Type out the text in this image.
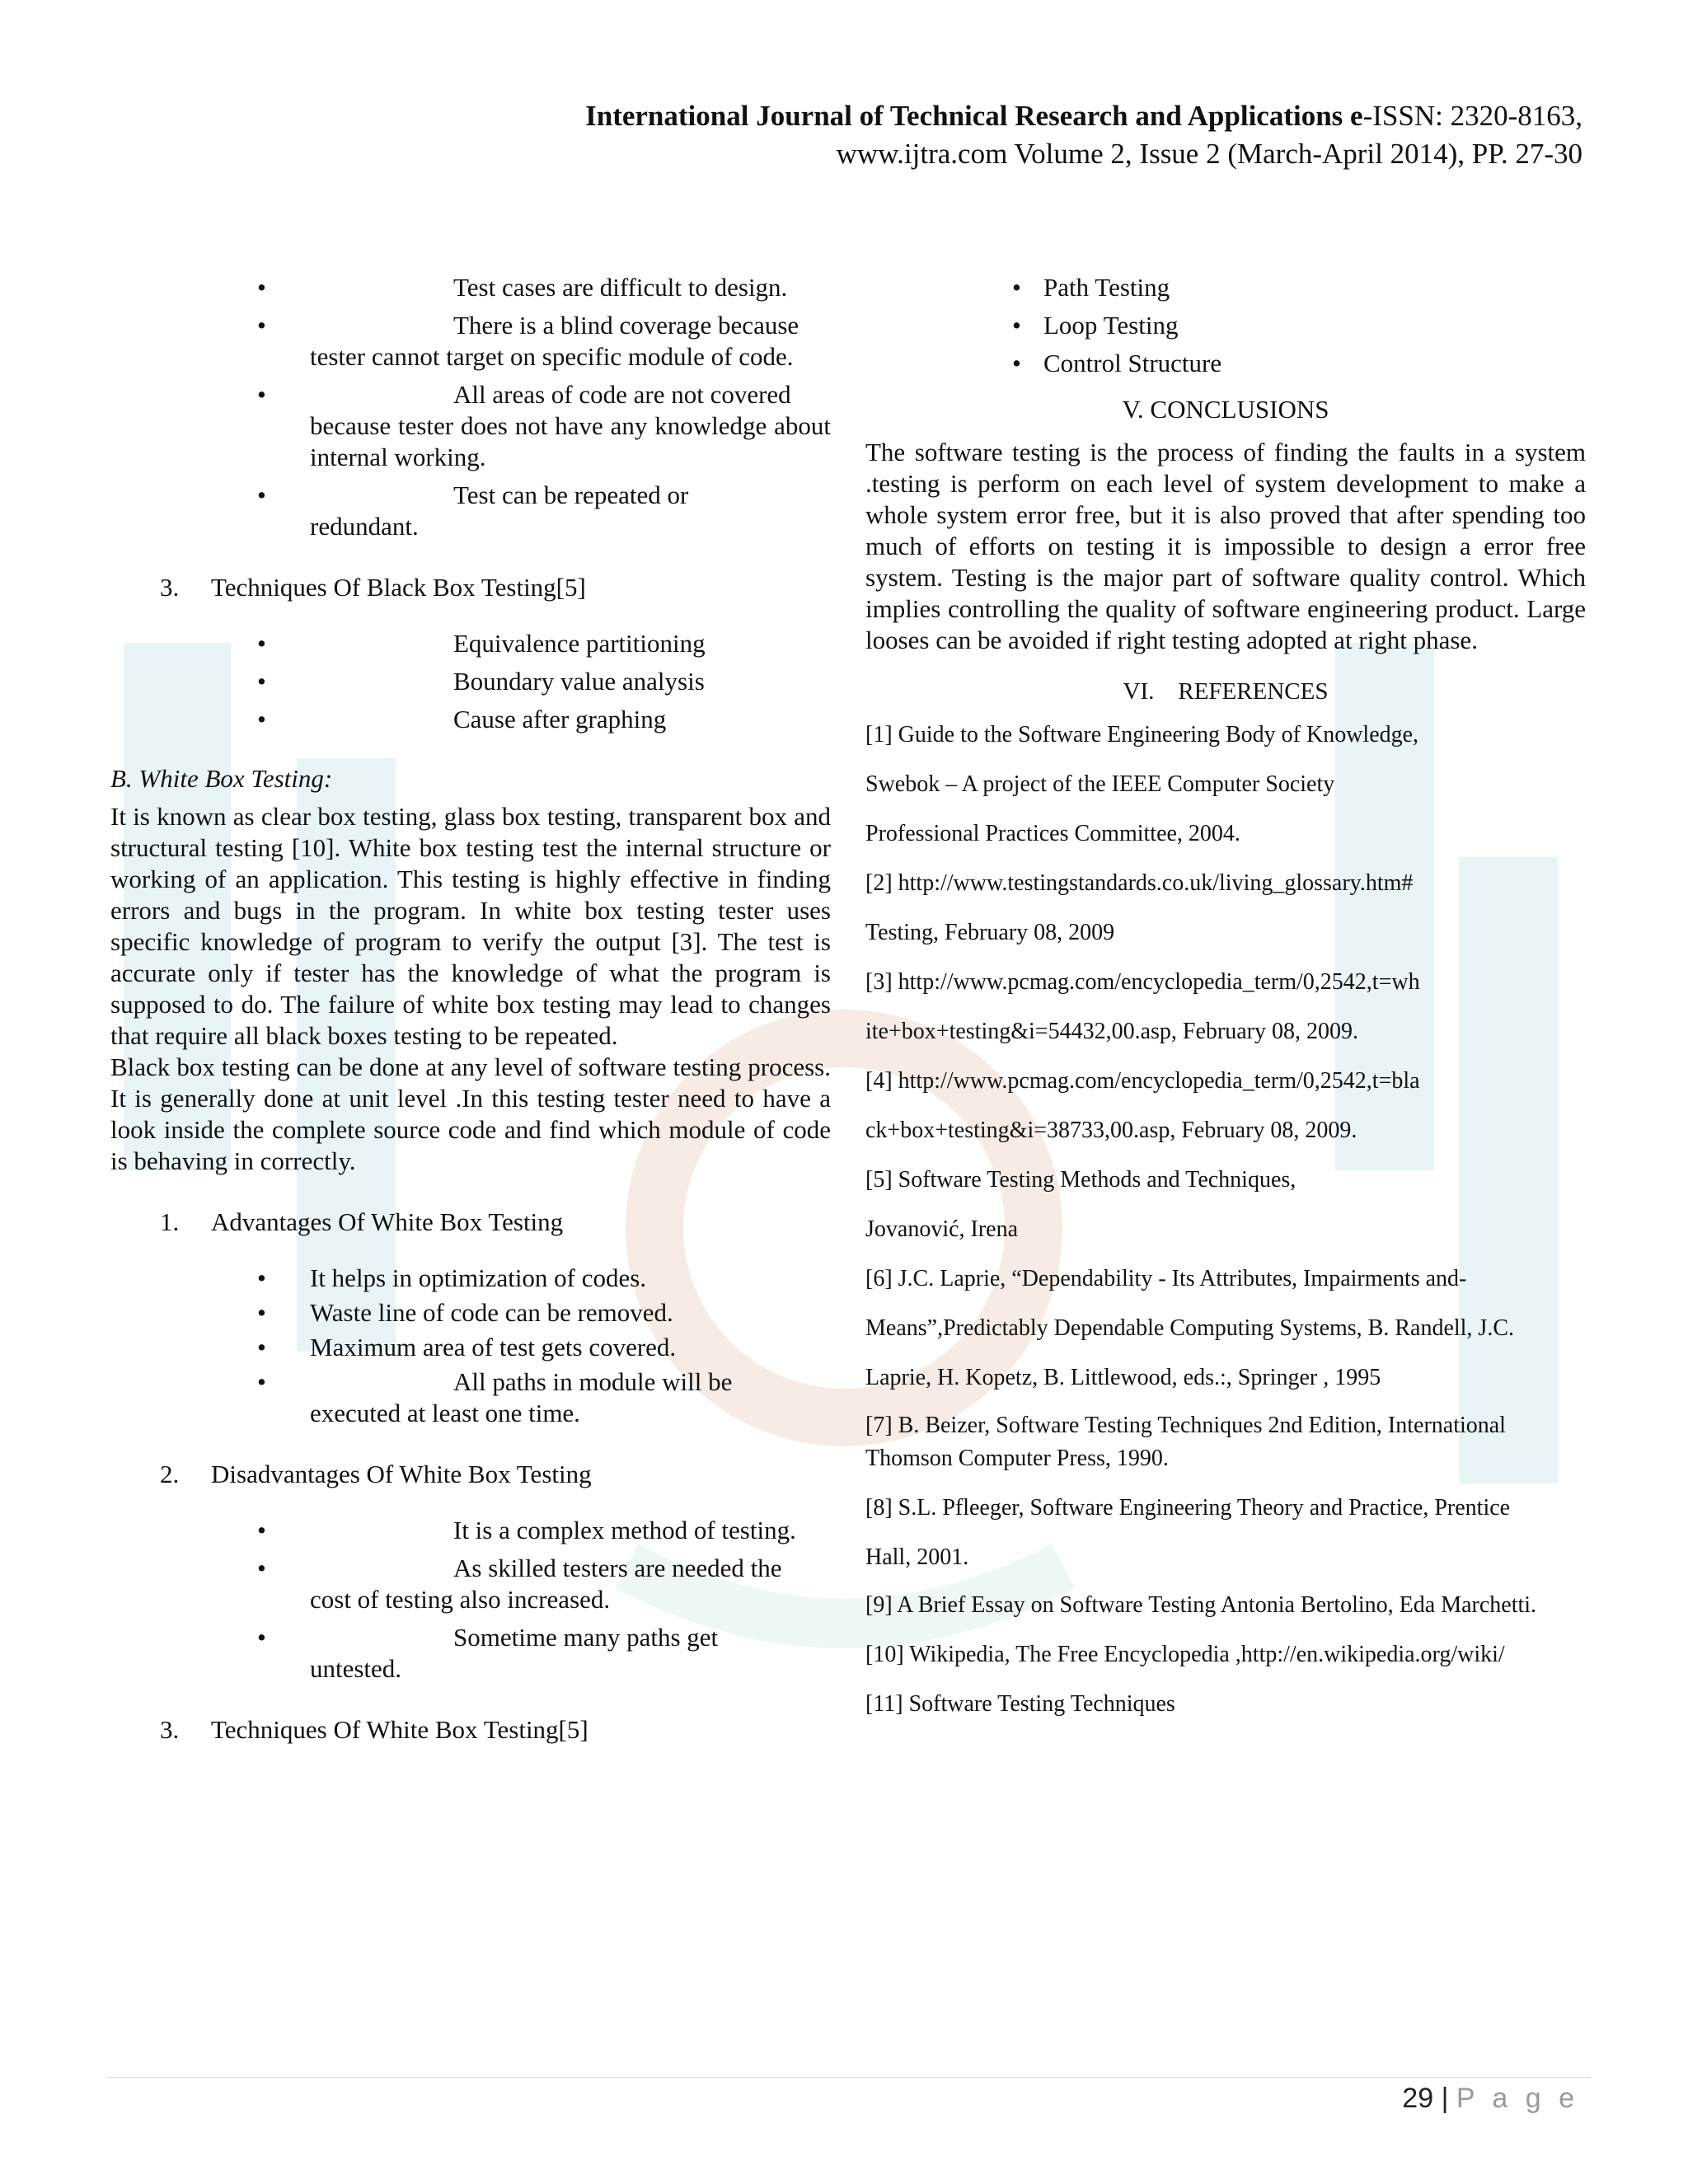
International Journal of Technical Research and Applications e-ISSN: 2320-8163,
www.ijtra.com Volume 2, Issue 2 (March-April 2014), PP. 27-30
•	Test cases are difficult to design.
•	There is a blind coverage because
tester cannot target on specific module of code.
•	All areas of code are not covered
because tester does not have any knowledge about internal working.
•	Test can be repeated or
redundant.
3. Techniques Of Black Box Testing[5]
•	Equivalence partitioning
•	Boundary value analysis
•	Cause after graphing
B. White Box Testing:
It is known as clear box testing, glass box testing, transparent box and structural testing [10]. White box testing test the internal structure or working of an application. This testing is highly effective in finding errors and bugs in the program. In white box testing tester uses specific knowledge of program to verify the output [3]. The test is accurate only if tester has the knowledge of what the program is supposed to do. The failure of white box testing may lead to changes that require all black boxes testing to be repeated.
Black box testing can be done at any level of software testing process. It is generally done at unit level .In this testing tester need to have a look inside the complete source code and find which module of code is behaving in correctly.
1. Advantages Of White Box Testing
• It helps in optimization of codes.
• Waste line of code can be removed.
• Maximum area of test gets covered.
•	All paths in module will be
executed at least one time.
2. Disadvantages Of White Box Testing
•	It is a complex method of testing.
•	As skilled testers are needed the
cost of testing also increased.
•	Sometime many paths get
untested.
3. Techniques Of White Box Testing[5]
• Path Testing
• Loop Testing
• Control Structure
V. CONCLUSIONS
The software testing is the process of finding the faults in a system .testing is perform on each level of system development to make a whole system error free, but it is also proved that after spending too much of efforts on testing it is impossible to design a error free system. Testing is the major part of software quality control. Which implies controlling the quality of software engineering product. Large looses can be avoided if right testing adopted at right phase.
VI. REFERENCES
[1] Guide to the Software Engineering Body of Knowledge,
Swebok – A project of the IEEE Computer Society
Professional Practices Committee, 2004.
[2] http://www.testingstandards.co.uk/living_glossary.htm#
Testing, February 08, 2009
[3] http://www.pcmag.com/encyclopedia_term/0,2542,t=wh
ite+box+testing&i=54432,00.asp, February 08, 2009.
[4] http://www.pcmag.com/encyclopedia_term/0,2542,t=bla
ck+box+testing&i=38733,00.asp, February 08, 2009.
[5] Software Testing Methods and Techniques,
Jovanović, Irena
[6] J.C. Laprie, “Dependability - Its Attributes, Impairments and-
Means”,Predictably Dependable Computing Systems, B. Randell, J.C.
Laprie, H. Kopetz, B. Littlewood, eds.:, Springer , 1995
[7] B. Beizer, Software Testing Techniques 2nd Edition, International Thomson Computer Press, 1990.
[8] S.L. Pfleeger, Software Engineering Theory and Practice, Prentice
Hall, 2001.
[9] A Brief Essay on Software Testing Antonia Bertolino, Eda Marchetti.
[10] Wikipedia, The Free Encyclopedia ,http://en.wikipedia.org/wiki/
[11] Software Testing Techniques
29 | P a g e
